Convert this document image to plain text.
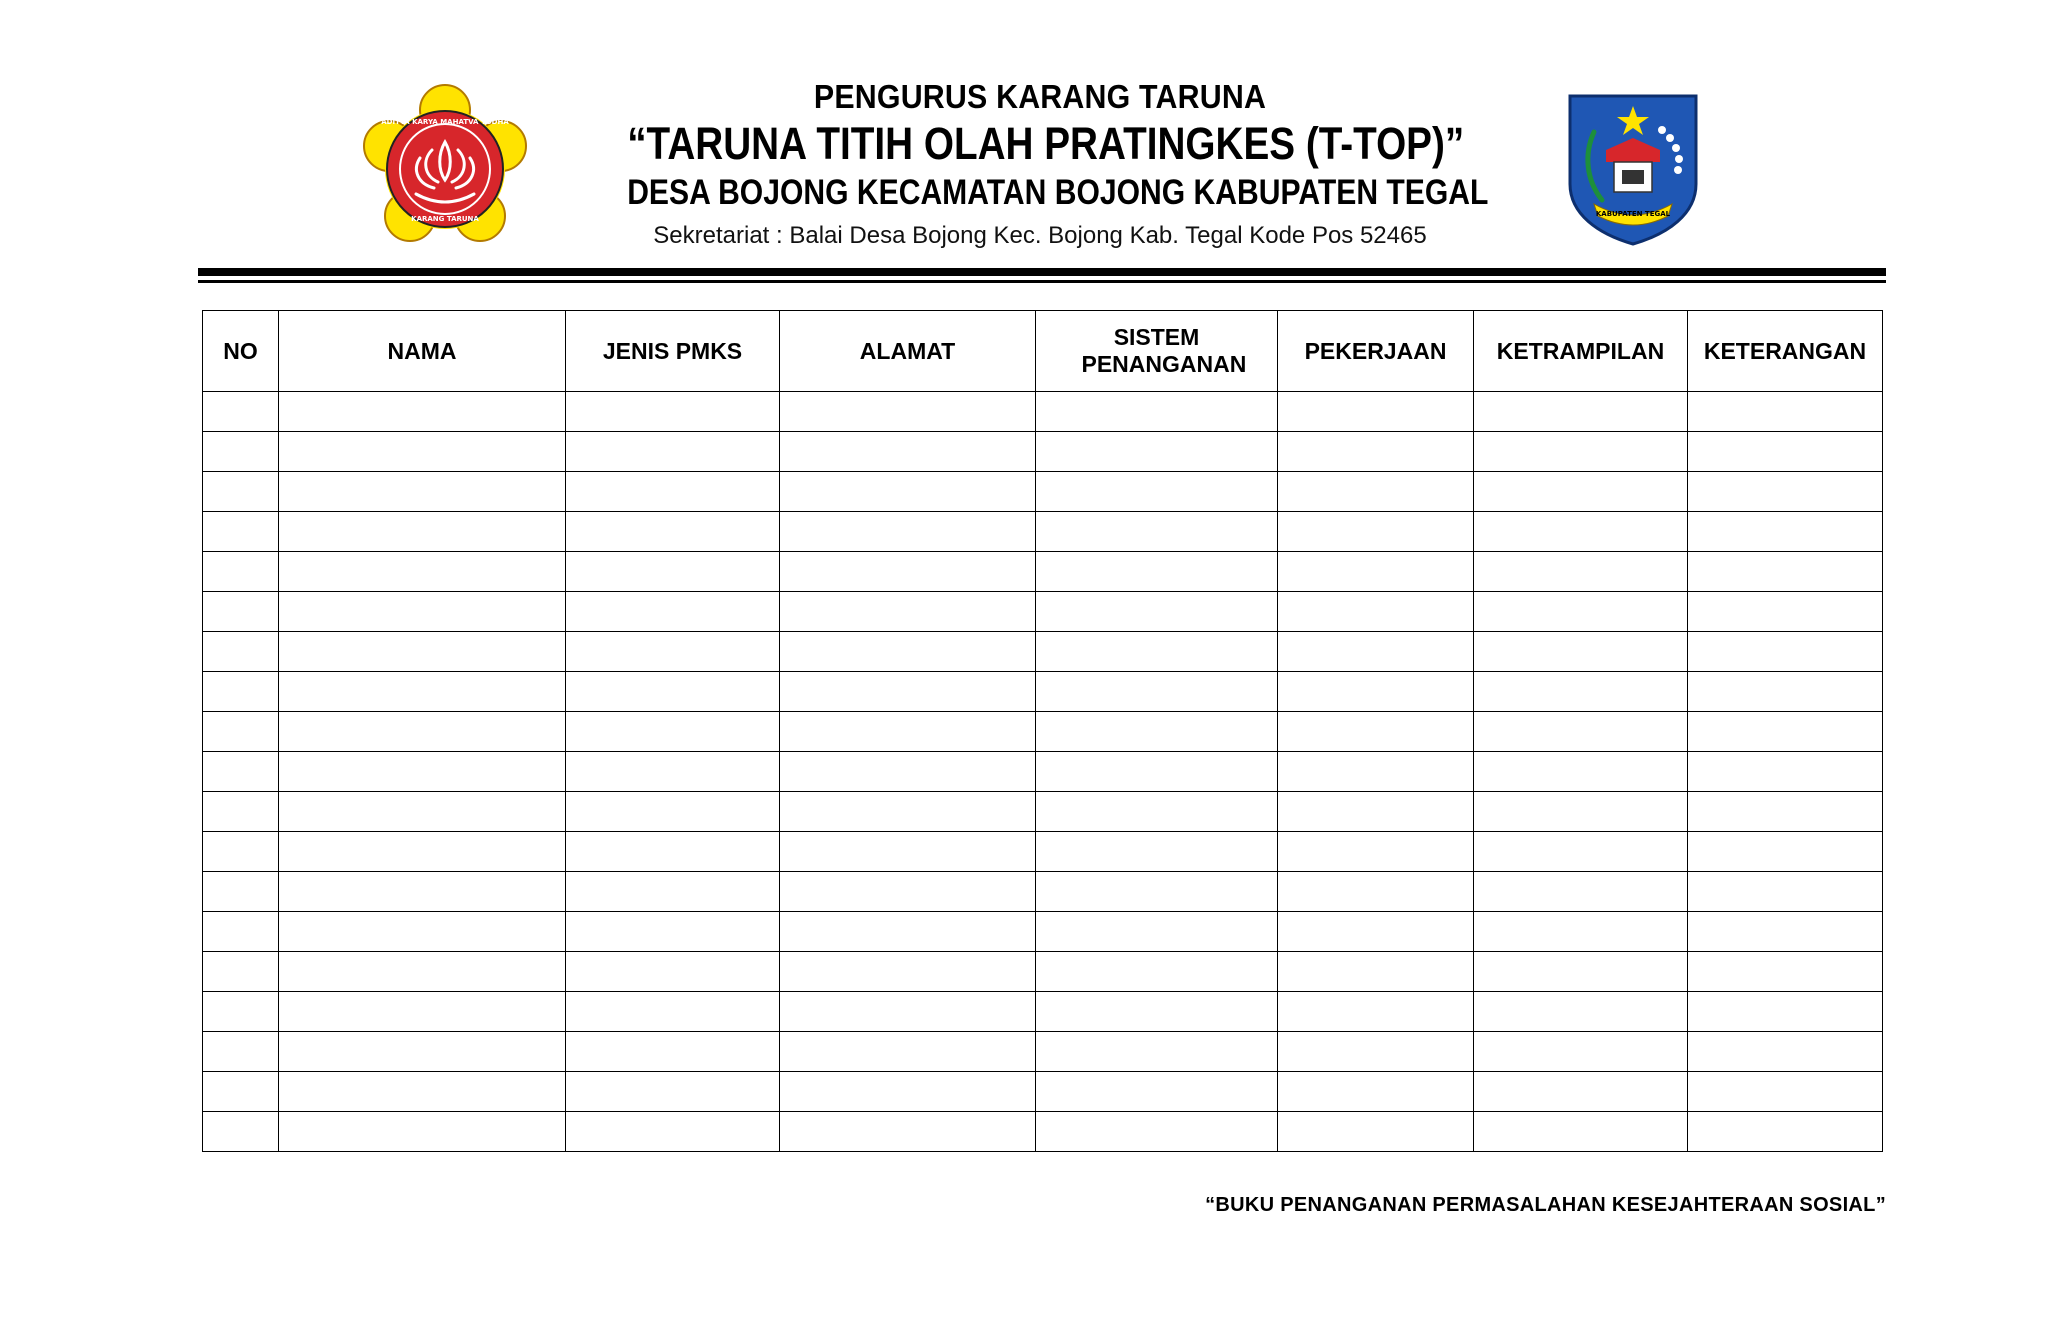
ADITYA KARYA MAHATVA YODHA
KARANG TARUNA
PENGURUS KARANG TARUNA
“TARUNA TITIH OLAH PRATINGKES (T-TOP)”
DESA BOJONG KECAMATAN BOJONG KABUPATEN TEGAL
Sekretariat : Balai Desa Bojong Kec. Bojong Kab. Tegal Kode Pos 52465
KABUPATEN TEGAL
NO	NAMA	JENIS PMKS	ALAMAT	SISTEM PENANGANAN	PEKERJAAN	KETRAMPILAN	KETERANGAN

“BUKU PENANGANAN PERMASALAHAN KESEJAHTERAAN SOSIAL”
